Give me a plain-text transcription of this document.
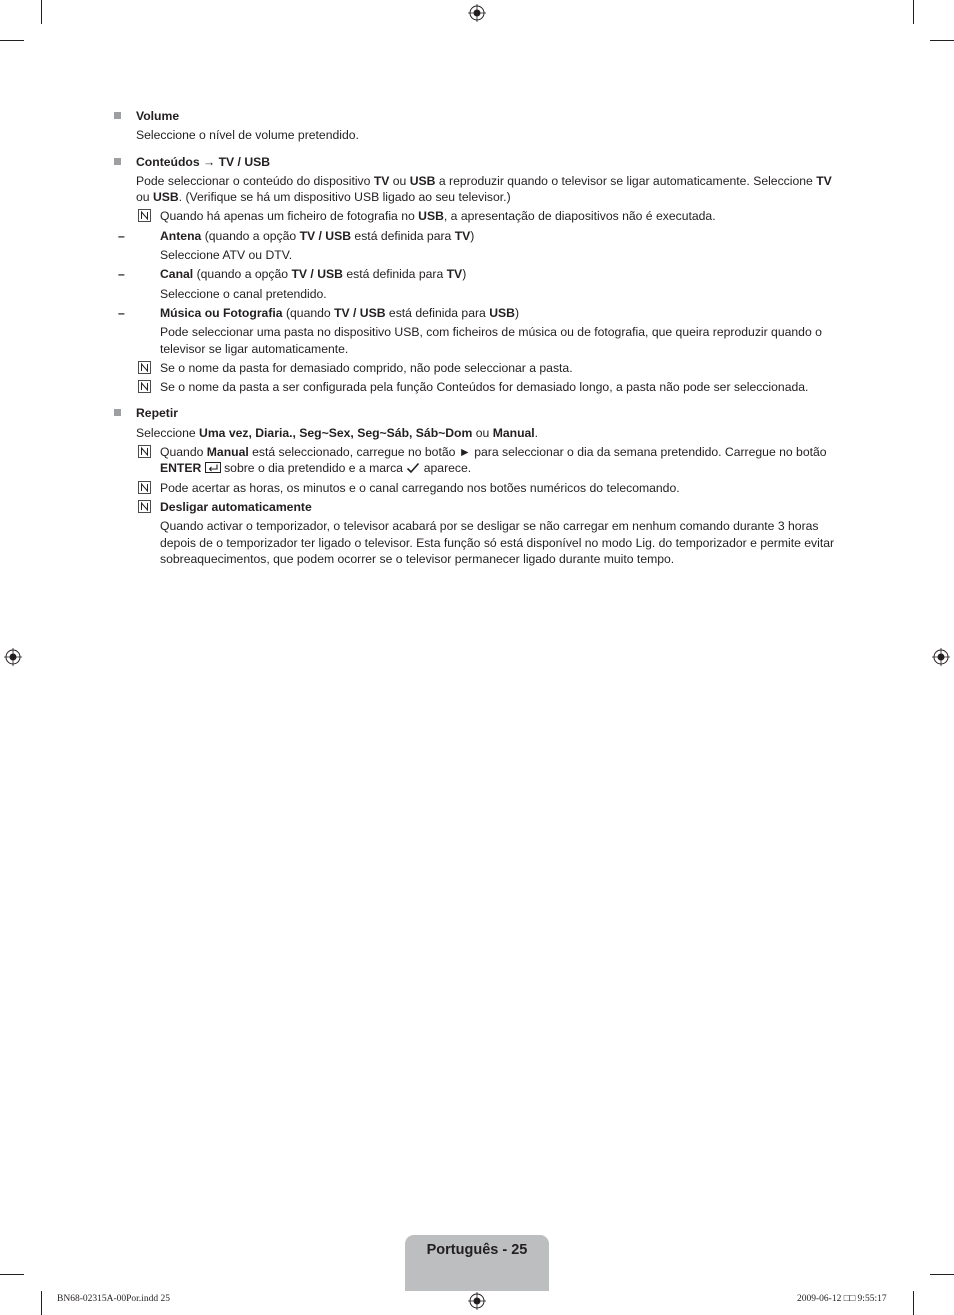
Volume
Seleccione o nível de volume pretendido.
Conteúdos → TV / USB
Pode seleccionar o conteúdo do dispositivo TV ou USB a reproduzir quando o televisor se ligar automaticamente. Seleccione TV ou USB. (Verifique se há um dispositivo USB ligado ao seu televisor.)
Quando há apenas um ficheiro de fotografia no USB, a apresentação de diapositivos não é executada.
–	Antena (quando a opção TV / USB está definida para TV)
Seleccione ATV ou DTV.
–	Canal (quando a opção TV / USB está definida para TV)
Seleccione o canal pretendido.
–	Música ou Fotografia (quando TV / USB está definida para USB)
Pode seleccionar uma pasta no dispositivo USB, com ficheiros de música ou de fotografia, que queira reproduzir quando o televisor se ligar automaticamente.
Se o nome da pasta for demasiado comprido, não pode seleccionar a pasta.
Se o nome da pasta a ser configurada pela função Conteúdos for demasiado longo, a pasta não pode ser seleccionada.
Repetir
Seleccione Uma vez, Diaria., Seg~Sex, Seg~Sáb, Sáb~Dom ou Manual.
Quando Manual está seleccionado, carregue no botão ► para seleccionar o dia da semana pretendido. Carregue no botão ENTER  sobre o dia pretendido e a marca  aparece.
Pode acertar as horas, os minutos e o canal carregando nos botões numéricos do telecomando.
Desligar automaticamente
Quando activar o temporizador, o televisor acabará por se desligar se não carregar em nenhum comando durante 3 horas depois de o temporizador ter ligado o televisor. Esta função só está disponível no modo Lig. do temporizador e permite evitar sobreaquecimentos, que podem ocorrer se o televisor permanecer ligado durante muito tempo.
Português - 25
BN68-02315A-00Por.indd 25	2009-06-12 □□ 9:55:17
